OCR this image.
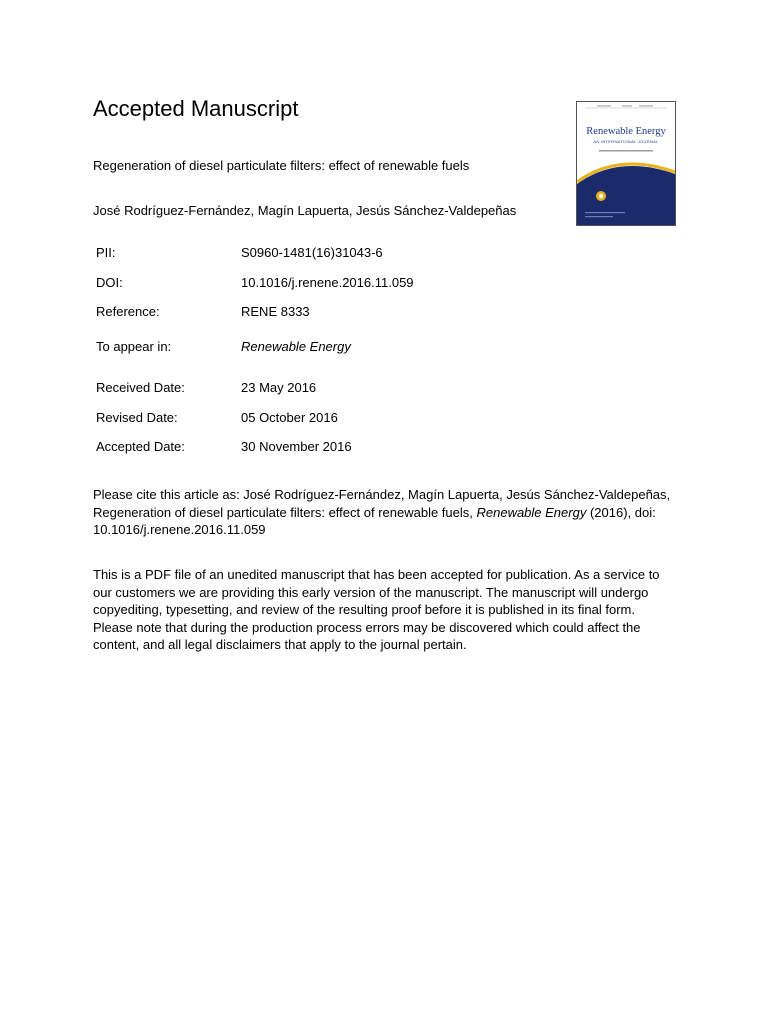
Accepted Manuscript
Regeneration of diesel particulate filters: effect of renewable fuels
José Rodríguez-Fernández, Magín Lapuerta, Jesús Sánchez-Valdepeñas
Renewable Energy
AN INTERNATIONAL JOURNAL
PII:	S0960-1481(16)31043-6
DOI:	10.1016/j.renene.2016.11.059
Reference:	RENE 8333
To appear in:	Renewable Energy
Received Date:	23 May 2016
Revised Date:	05 October 2016
Accepted Date:	30 November 2016
Please cite this article as: José Rodríguez-Fernández, Magín Lapuerta, Jesús Sánchez-Valdepeñas, Regeneration of diesel particulate filters: effect of renewable fuels, Renewable Energy (2016), doi: 10.1016/j.renene.2016.11.059
This is a PDF file of an unedited manuscript that has been accepted for publication. As a service to our customers we are providing this early version of the manuscript. The manuscript will undergo copyediting, typesetting, and review of the resulting proof before it is published in its final form. Please note that during the production process errors may be discovered which could affect the content, and all legal disclaimers that apply to the journal pertain.
